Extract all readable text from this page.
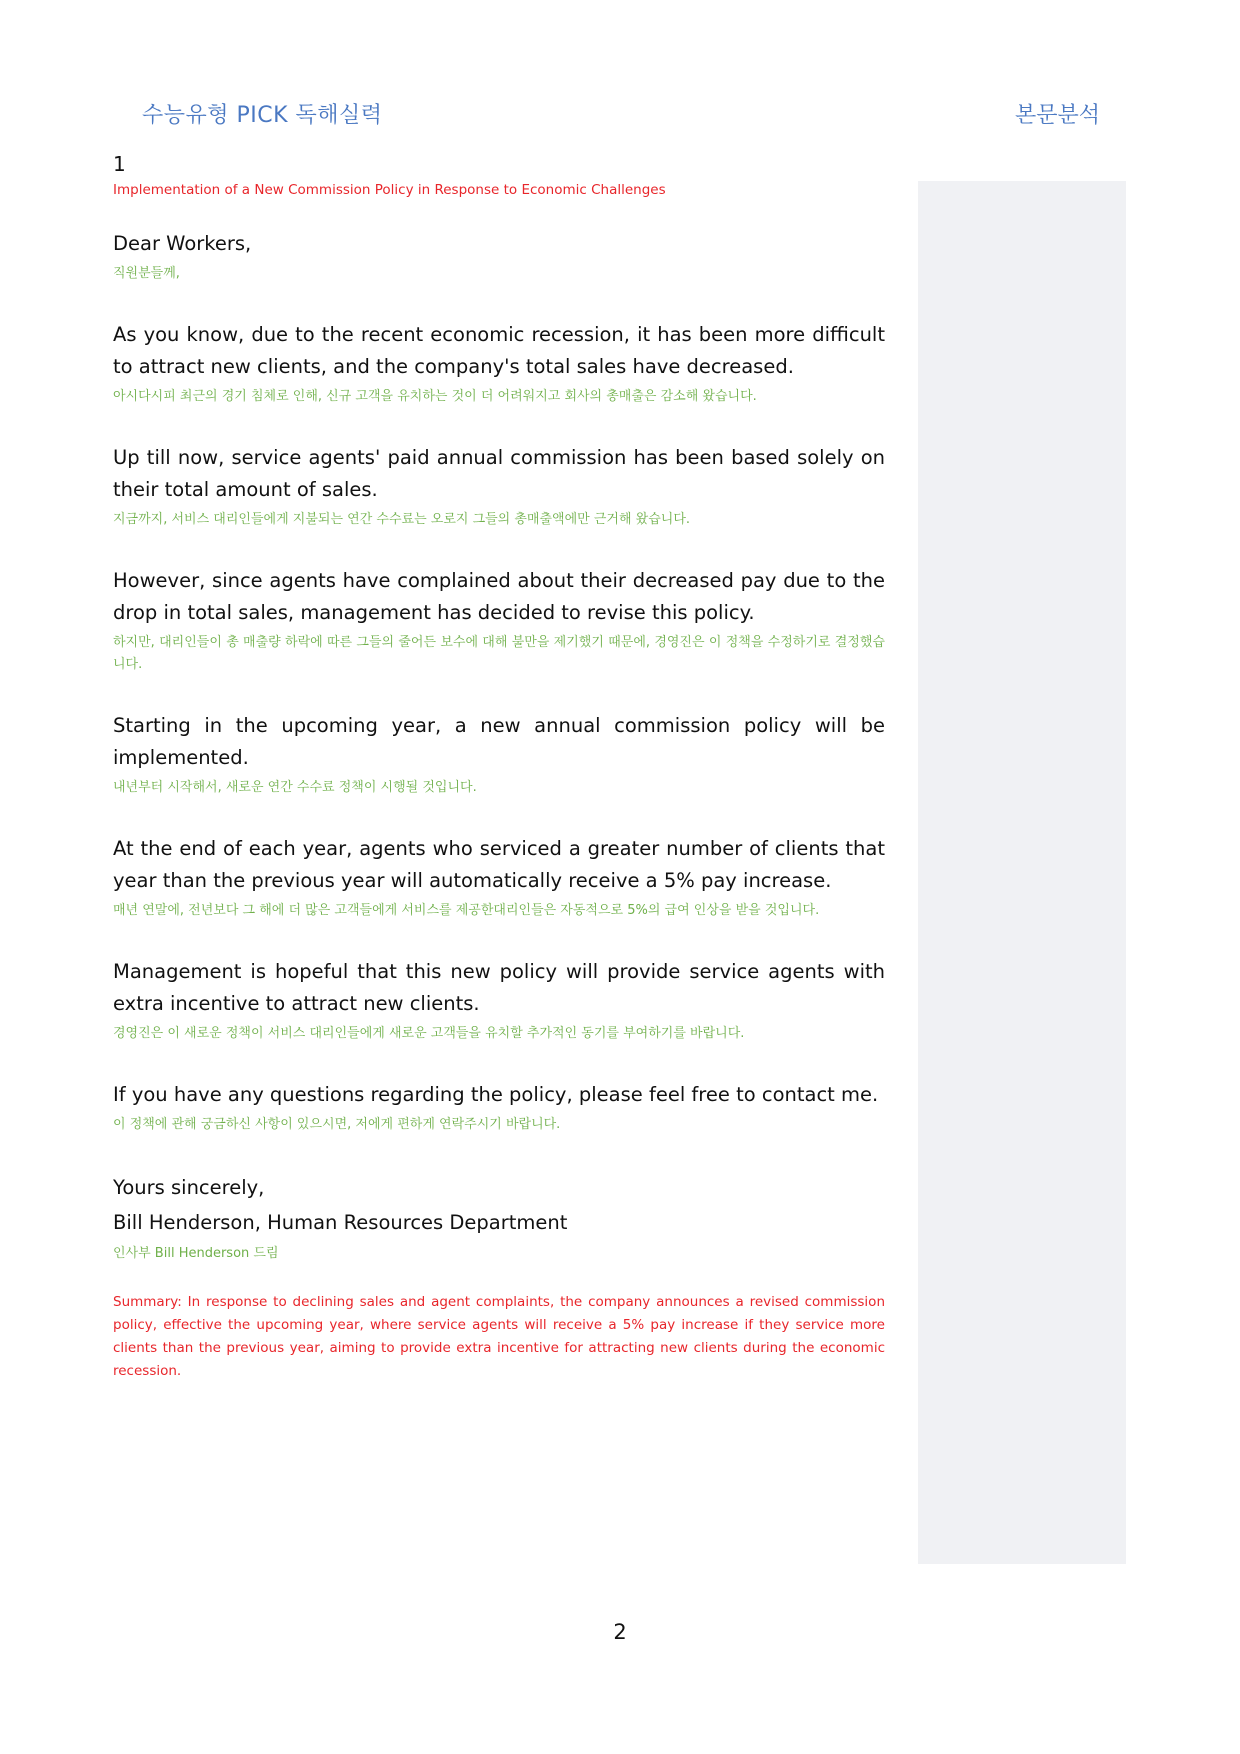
수능유형 PICK 독해실력	본문분석
1
Implementation of a New Commission Policy in Response to Economic Challenges

Dear Workers,

직원분들께,

As you know, due to the recent economic recession, it has been more difficult to attract new clients, and the company's total sales have decreased.

아시다시피 최근의 경기 침체로 인해, 신규 고객을 유치하는 것이 더 어려워지고 회사의 총매출은 감소해 왔습니다.

Up till now, service agents' paid annual commission has been based solely on their total amount of sales.

지금까지, 서비스 대리인들에게 지불되는 연간 수수료는 오로지 그들의 총매출액에만 근거해 왔습니다.

However, since agents have complained about their decreased pay due to the drop in total sales, management has decided to revise this policy.

하지만, 대리인들이 총 매출량 하락에 따른 그들의 줄어든 보수에 대해 불만을 제기했기 때문에, 경영진은 이 정책을 수정하기로 결정했습니다.

Starting in the upcoming year, a new annual commission policy will be implemented.

내년부터 시작해서, 새로운 연간 수수료 정책이 시행될 것입니다.

At the end of each year, agents who serviced a greater number of clients that year than the previous year will automatically receive a 5% pay increase.

매년 연말에, 전년보다 그 해에 더 많은 고객들에게 서비스를 제공한대리인들은 자동적으로 5%의 급여 인상을 받을 것입니다.

Management is hopeful that this new policy will provide service agents with extra incentive to attract new clients.

경영진은 이 새로운 정책이 서비스 대리인들에게 새로운 고객들을 유치할 추가적인 동기를 부여하기를 바랍니다.

If you have any questions regarding the policy, please feel free to contact me.

이 정책에 관해 궁금하신 사항이 있으시면, 저에게 편하게 연락주시기 바랍니다.

Yours sincerely,

Bill Henderson, Human Resources Department

인사부 Bill Henderson 드림

Summary: In response to declining sales and agent complaints, the company announces a revised commission policy, effective the upcoming year, where service agents will receive a 5% pay increase if they service more clients than the previous year, aiming to provide extra incentive for attracting new clients during the economic recession.

2
